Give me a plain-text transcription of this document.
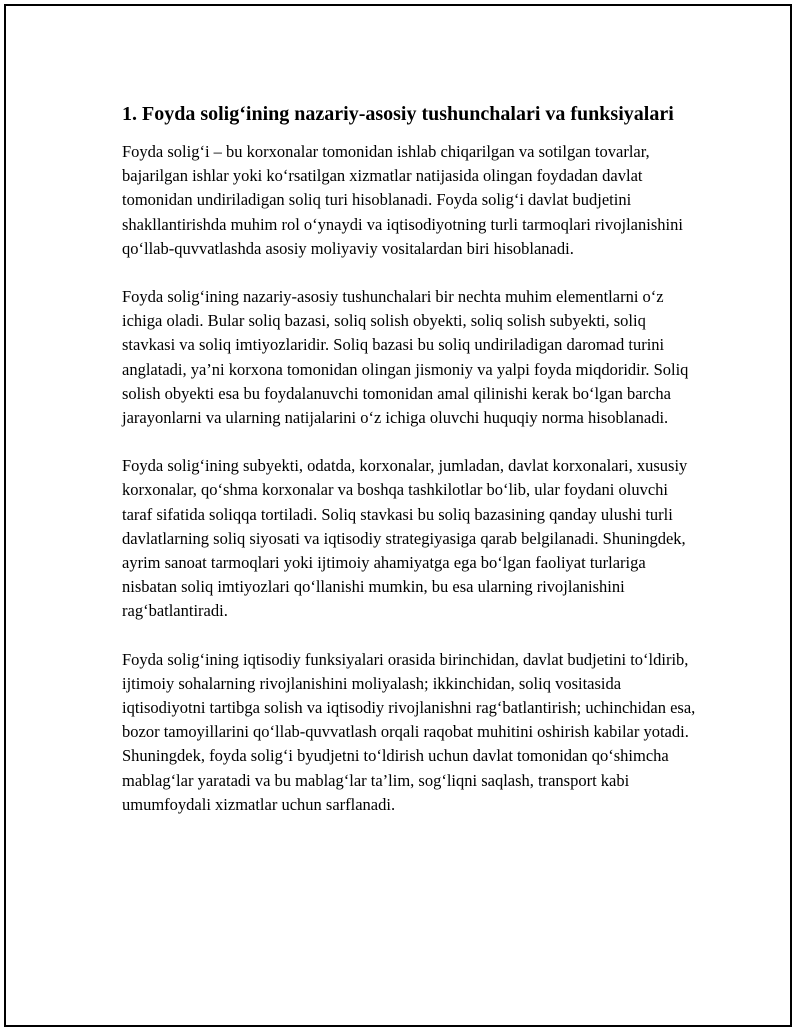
1. Foyda solig‘ining nazariy-asosiy tushunchalari va funksiyalari

Foyda solig‘i – bu korxonalar tomonidan ishlab chiqarilgan va sotilgan tovarlar, bajarilgan ishlar yoki ko‘rsatilgan xizmatlar natijasida olingan foydadan davlat tomonidan undiriladigan soliq turi hisoblanadi. Foyda solig‘i davlat budjetini shakllantirishda muhim rol o‘ynaydi va iqtisodiyotning turli tarmoqlari rivojlanishini qo‘llab-quvvatlashda asosiy moliyaviy vositalardan biri hisoblanadi.

Foyda solig‘ining nazariy-asosiy tushunchalari bir nechta muhim elementlarni o‘z ichiga oladi. Bular soliq bazasi, soliq solish obyekti, soliq solish subyekti, soliq stavkasi va soliq imtiyozlaridir. Soliq bazasi bu soliq undiriladigan daromad turini anglatadi, ya’ni korxona tomonidan olingan jismoniy va yalpi foyda miqdoridir. Soliq solish obyekti esa bu foydalanuvchi tomonidan amal qilinishi kerak bo‘lgan barcha jarayonlarni va ularning natijalarini o‘z ichiga oluvchi huquqiy norma hisoblanadi.

Foyda solig‘ining subyekti, odatda, korxonalar, jumladan, davlat korxonalari, xususiy korxonalar, qo‘shma korxonalar va boshqa tashkilotlar bo‘lib, ular foydani oluvchi taraf sifatida soliqqa tortiladi. Soliq stavkasi bu soliq bazasining qanday ulushi turli davlatlarning soliq siyosati va iqtisodiy strategiyasiga qarab belgilanadi. Shuningdek, ayrim sanoat tarmoqlari yoki ijtimoiy ahamiyatga ega bo‘lgan faoliyat turlariga nisbatan soliq imtiyozlari qo‘llanishi mumkin, bu esa ularning rivojlanishini rag‘batlantiradi.

Foyda solig‘ining iqtisodiy funksiyalari orasida birinchidan, davlat budjetini to‘ldirib, ijtimoiy sohalarning rivojlanishini moliyalash; ikkinchidan, soliq vositasida iqtisodiyotni tartibga solish va iqtisodiy rivojlanishni rag‘batlantirish; uchinchidan esa, bozor tamoyillarini qo‘llab-quvvatlash orqali raqobat muhitini oshirish kabilar yotadi. Shuningdek, foyda solig‘i byudjetni to‘ldirish uchun davlat tomonidan qo‘shimcha mablag‘lar yaratadi va bu mablag‘lar ta’lim, sog‘liqni saqlash, transport kabi umumfoydali xizmatlar uchun sarflanadi.
